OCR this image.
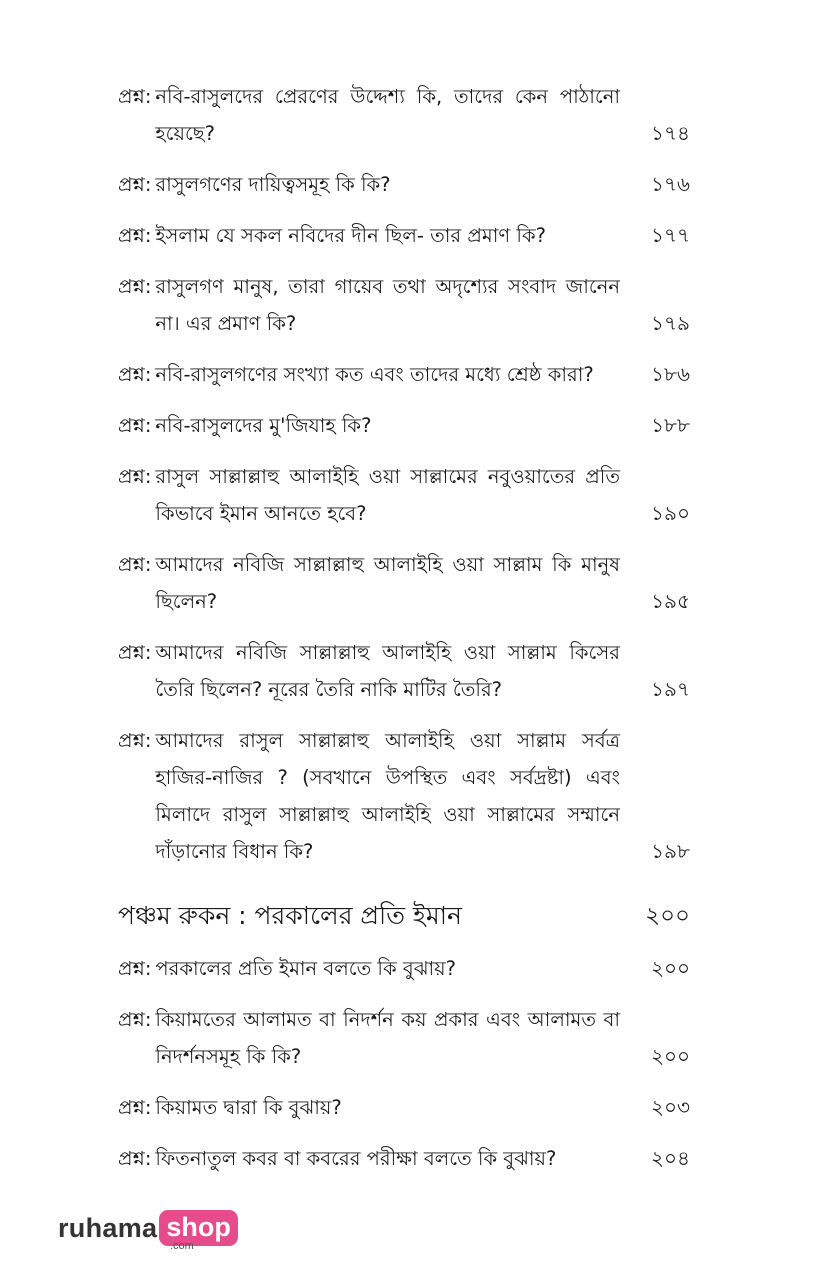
প্রশ্ন: নবি-রাসুলদের প্রেরণের উদ্দেশ্য কি, তাদের কেন পাঠানো হয়েছে?	১৭৪
প্রশ্ন: রাসুলগণের দায়িত্বসমূহ কি কি?	১৭৬
প্রশ্ন: ইসলাম যে সকল নবিদের দীন ছিল- তার প্রমাণ কি?	১৭৭
প্রশ্ন: রাসুলগণ মানুষ, তারা গায়েব তথা অদৃশ্যের সংবাদ জানেন না। এর প্রমাণ কি?	১৭৯
প্রশ্ন: নবি-রাসুলগণের সংখ্যা কত এবং তাদের মধ্যে শ্রেষ্ঠ কারা?	১৮৬
প্রশ্ন: নবি-রাসুলদের মু'জিযাহ কি?	১৮৮
প্রশ্ন: রাসুল সাল্লাল্লাহু আলাইহি ওয়া সাল্লামের নবুওয়াতের প্রতি কিভাবে ইমান আনতে হবে?	১৯০
প্রশ্ন: আমাদের নবিজি সাল্লাল্লাহু আলাইহি ওয়া সাল্লাম কি মানুষ ছিলেন?	১৯৫
প্রশ্ন: আমাদের নবিজি সাল্লাল্লাহু আলাইহি ওয়া সাল্লাম কিসের তৈরি ছিলেন? নূরের তৈরি নাকি মাটির তৈরি?	১৯৭
প্রশ্ন: আমাদের রাসুল সাল্লাল্লাহু আলাইহি ওয়া সাল্লাম সর্বত্র হাজির-নাজির ? (সবখানে উপস্থিত এবং সর্বদ্রষ্টা) এবং মিলাদে রাসুল সাল্লাল্লাহু আলাইহি ওয়া সাল্লামের সম্মানে দাঁড়ানোর বিধান কি?	১৯৮
পঞ্চম রুকন : পরকালের প্রতি ইমান	২০০
প্রশ্ন: পরকালের প্রতি ইমান বলতে কি বুঝায়?	২০০
প্রশ্ন: কিয়ামতের আলামত বা নিদর্শন কয় প্রকার এবং আলামত বা নিদর্শনসমূহ কি কি?	২০০
প্রশ্ন: কিয়ামত দ্বারা কি বুঝায়?	২০৩
প্রশ্ন: ফিতনাতুল কবর বা কবরের পরীক্ষা বলতে কি বুঝায়?	২০৪
ruhama shop
.com
